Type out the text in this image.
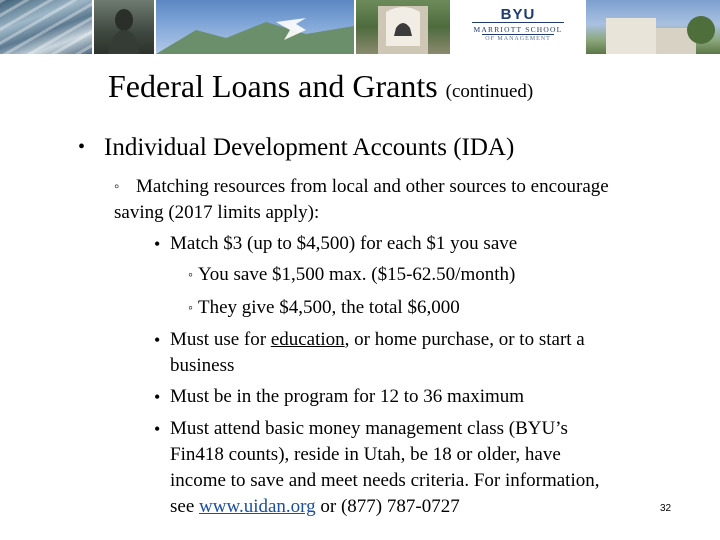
BYU
MARRIOTT SCHOOL
OF MANAGEMENT
Federal Loans and Grants (continued)
• Individual Development Accounts (IDA)
◦ Matching resources from local and other sources to encourage saving (2017 limits apply):
• Match $3 (up to $4,500) for each $1 you save
◦ You save $1,500 max. ($15-62.50/month)
◦ They give $4,500, the total $6,000
• Must use for education, or home purchase, or to start a
business
• Must be in the program for 12 to 36 maximum
• Must attend basic money management class (BYU’s
Fin418 counts), reside in Utah, be 18 or older, have
income to save and meet needs criteria. For information,
see www.uidan.org or (877) 787-0727	32
